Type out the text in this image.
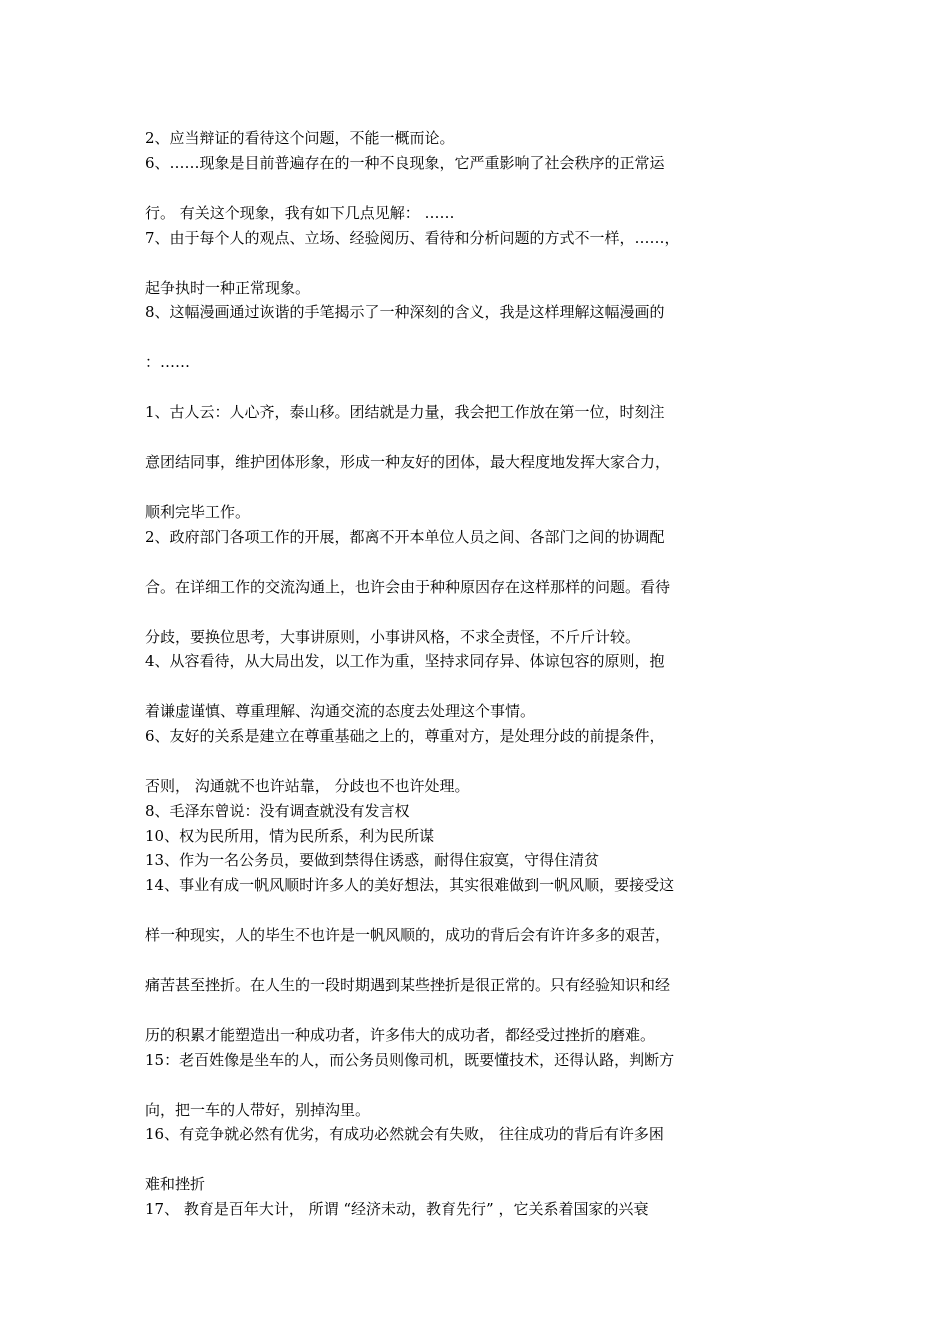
2、应当辩证的看待这个问题，不能一概而论。
6、……现象是目前普遍存在的一种不良现象，它严重影响了社会秩序的正常运
行。 有关这个现象，我有如下几点见解： ……
7、由于每个人的观点、立场、经验阅历、看待和分析问题的方式不一样，……，
起争执时一种正常现象。
8、这幅漫画通过诙谐的手笔揭示了一种深刻的含义，我是这样理解这幅漫画的
：……
1、古人云：人心齐，泰山移。团结就是力量，我会把工作放在第一位，时刻注
意团结同事，维护团体形象，形成一种友好的团体，最大程度地发挥大家合力，
顺利完毕工作。
2、政府部门各项工作的开展，都离不开本单位人员之间、各部门之间的协调配
合。在详细工作的交流沟通上，也许会由于种种原因存在这样那样的问题。看待
分歧，要换位思考，大事讲原则，小事讲风格，不求全责怪，不斤斤计较。
4、从容看待，从大局出发，以工作为重，坚持求同存异、体谅包容的原则，抱
着谦虚谨慎、尊重理解、沟通交流的态度去处理这个事情。
6、友好的关系是建立在尊重基础之上的，尊重对方，是处理分歧的前提条件，
否则， 沟通就不也许站靠， 分歧也不也许处理。
8、毛泽东曾说：没有调查就没有发言权
10、权为民所用，情为民所系，利为民所谋
13、作为一名公务员，要做到禁得住诱惑，耐得住寂寞，守得住清贫
14、事业有成一帆风顺时许多人的美好想法，其实很难做到一帆风顺，要接受这
样一种现实，人的毕生不也许是一帆风顺的，成功的背后会有许许多多的艰苦，
痛苦甚至挫折。在人生的一段时期遇到某些挫折是很正常的。只有经验知识和经
历的积累才能塑造出一种成功者，许多伟大的成功者，都经受过挫折的磨难。
15：老百姓像是坐车的人，而公务员则像司机，既要懂技术，还得认路，判断方
向，把一车的人带好，别掉沟里。
16、有竞争就必然有优劣，有成功必然就会有失败， 往往成功的背后有许多困
难和挫折
17、 教育是百年大计， 所谓 “经济未动，教育先行” ，它关系着国家的兴衰
